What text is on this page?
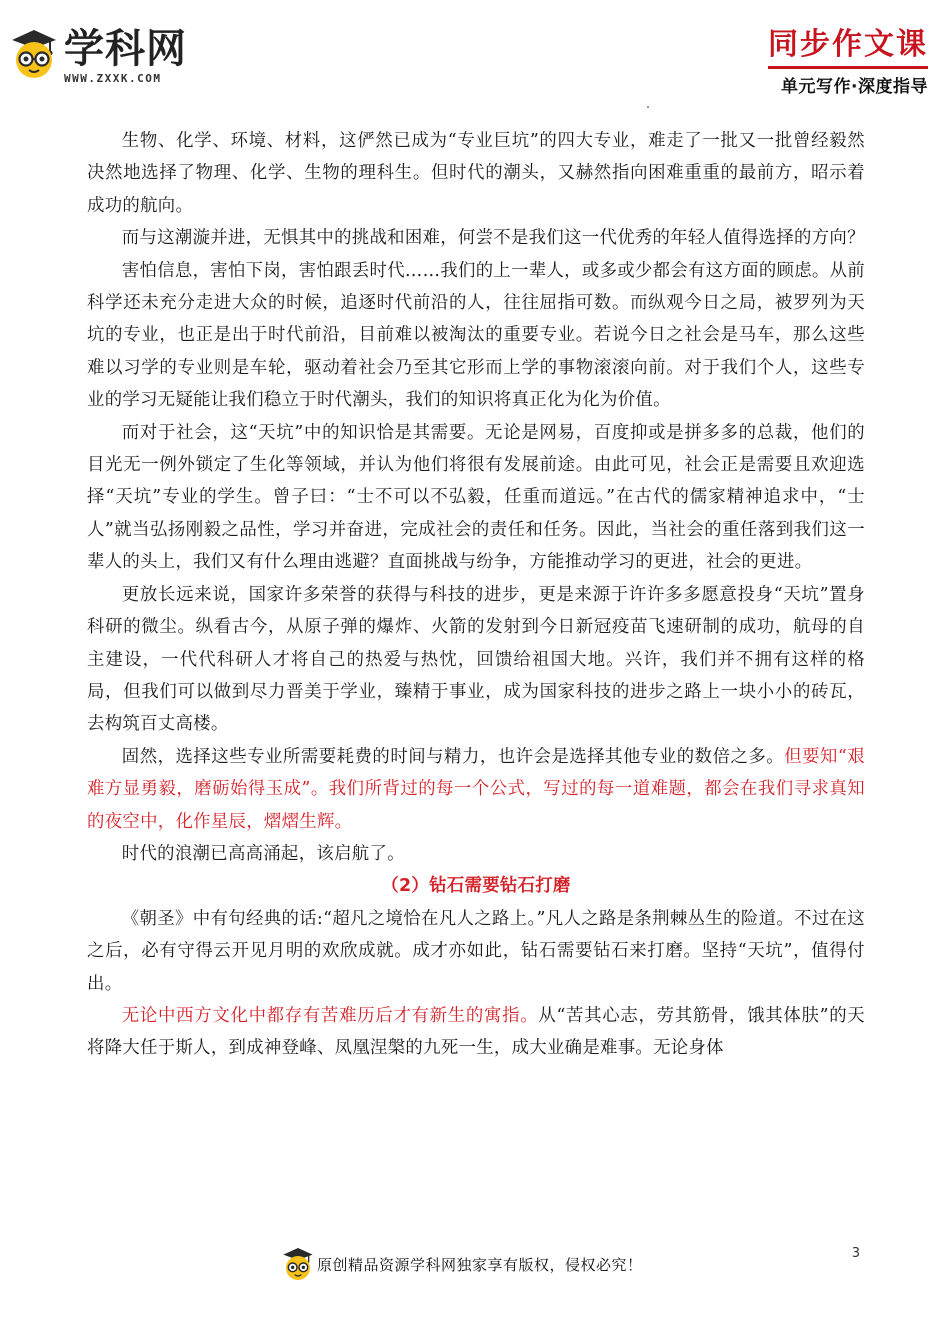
学科网
WWW.ZXXK.COM
同步作文课
单元写作·深度指导

生物、化学、环境、材料，这俨然已成为“专业巨坑”的四大专业，难走了一批又一批曾经毅然决然地选择了物理、化学、生物的理科生。但时代的潮头，又赫然指向困难重重的最前方，昭示着成功的航向。

而与这潮漩并进，无惧其中的挑战和困难，何尝不是我们这一代优秀的年轻人值得选择的方向？

害怕信息，害怕下岗，害怕跟丢时代……我们的上一辈人，或多或少都会有这方面的顾虑。从前科学还未充分走进大众的时候，追逐时代前沿的人，往往屈指可数。而纵观今日之局，被罗列为天坑的专业，也正是出于时代前沿，目前难以被淘汰的重要专业。若说今日之社会是马车，那么这些难以习学的专业则是车轮，驱动着社会乃至其它形而上学的事物滚滚向前。对于我们个人，这些专业的学习无疑能让我们稳立于时代潮头，我们的知识将真正化为化为价值。

而对于社会，这“天坑”中的知识恰是其需要。无论是网易，百度抑或是拼多多的总裁，他们的目光无一例外锁定了生化等领域，并认为他们将很有发展前途。由此可见，社会正是需要且欢迎选择“天坑”专业的学生。曾子曰：“士不可以不弘毅，任重而道远。”在古代的儒家精神追求中，“士人”就当弘扬刚毅之品性，学习并奋进，完成社会的责任和任务。因此，当社会的重任落到我们这一辈人的头上，我们又有什么理由逃避？直面挑战与纷争，方能推动学习的更进，社会的更进。

更放长远来说，国家许多荣誉的获得与科技的进步，更是来源于许许多多愿意投身“天坑”置身科研的微尘。纵看古今，从原子弹的爆炸、火箭的发射到今日新冠疫苗飞速研制的成功，航母的自主建设，一代代科研人才将自己的热爱与热忱，回馈给祖国大地。兴许，我们并不拥有这样的格局，但我们可以做到尽力晋美于学业，臻精于事业，成为国家科技的进步之路上一块小小的砖瓦，去构筑百丈高楼。

固然，选择这些专业所需要耗费的时间与精力，也许会是选择其他专业的数倍之多。但要知“艰难方显勇毅，磨砺始得玉成”。我们所背过的每一个公式，写过的每一道难题，都会在我们寻求真知的夜空中，化作星辰，熠熠生辉。

时代的浪潮已高高涌起，该启航了。

（2）钻石需要钻石打磨

《朝圣》中有句经典的话:“超凡之境恰在凡人之路上。”凡人之路是条荆棘丛生的险道。不过在这之后，必有守得云开见月明的欢欣成就。成才亦如此，钻石需要钻石来打磨。坚持“天坑”，值得付出。

无论中西方文化中都存有苦难历后才有新生的寓指。从“苦其心志，劳其筋骨，饿其体肤”的天将降大任于斯人，到成神登峰、凤凰涅槃的九死一生，成大业确是难事。无论身体

原创精品资源学科网独家享有版权，侵权必究！
3
